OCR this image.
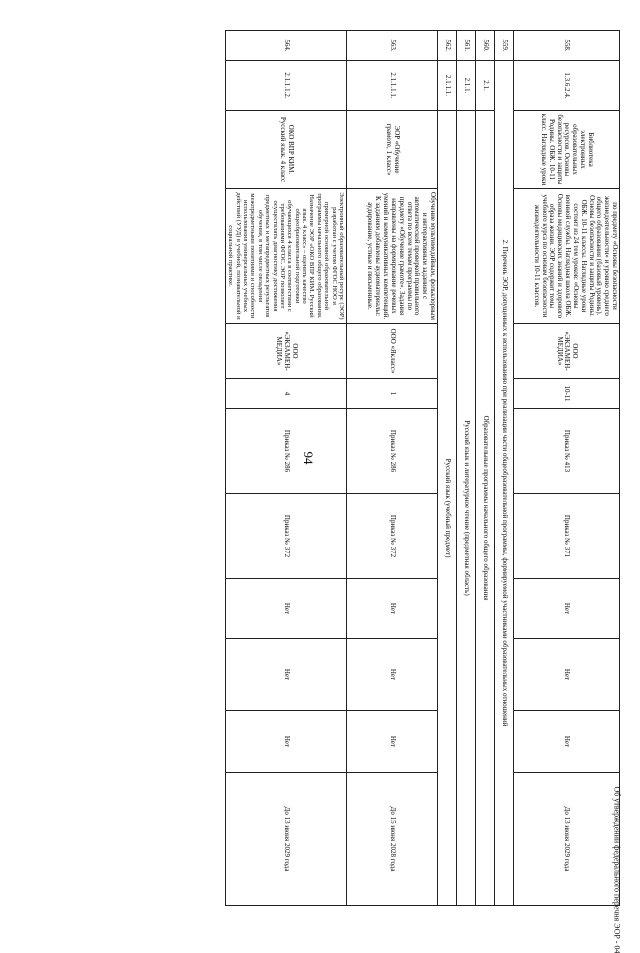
94
558.	1.3.6.2.4.	Библиотека электронных образовательных ресурсов. Основы безопасности и защиты Родины. ОБЖ. 10-11 класс. Наглядные уроки	по предмету «Основы безопасности жизнедеятельности» и уровню среднего общего образования (базовый уровень). Основы безопасности и защиты Родины. ОБЖ. 10-11 классы. Наглядные уроки состоит из 24 тем уроков: «Основы военной службы. Наглядная школа ОБЖ. Основы медицинских знаний и здорового образа жизни. ЭОР содержит темы учебного курса по основам безопасности жизнедеятельности 10-11 классов.	ООО «ЭКЗАМЕН-МЕДИА»	10-11	Приказ № 413	Приказ № 371	Нет	Нет	Нет	До 13 июня 2029 года
559.	2. Перечень ЭОР, допущенных к использованию при реализации части общеобразовательной программы, формируемой участниками образовательных отношений										
560.	2.1.	Образовательные программы начального общего образования									
561.	2.1.1.	Русский язык и литературное чтение (предметная область)									
562.	2.1.1.1.	Русский язык (учебный предмет)									
563.	2.1.1.1.1.	ЭОР «Обучение грамоте, 1 класс»	Обучение мультимедийным, фольклорным и интерактивным заданиям с автоматической проверкой правильного ответа по всем темам программы по предмету «Обучение грамоте». Задания направлены на формирование речевых умений и коммуникативных компетенций. К заданиям добавлены аудиоматериалы: аудирование, устные и письменные.	ООО «Якласс»	1	Приказ № 286	Приказ № 372	Нет	Нет	Нет	До 15 июня 2028 года
564.	2.1.1.1.2.	ОКО ВПР КИМ. Русский язык. 4 класс	Электронный образовательный ресурс (ЭОР) разработан с учетом ФГОС НОО и примерной основной образовательной программы начального общего образования. Назначение ЭОР «ОКО ВПР КИМ. Русский язык. 4 класс» – оценить качество общеобразовательной подготовки обучающихся 4 класса в соответствии с требованиями ФГОС. ЭОР позволяет осуществлять диагностику достижения предметных и метапредметных результатов обучения, в том числе овладения межпредметными понятиями и способности использования универсальных учебных действий (УУД) в учебной, познавательной и социальной практике.	ООО «ЭКЗАМЕН-МЕДИА»	4	Приказ № 286	Приказ № 372	Нет	Нет	Нет	До 13 июня 2029 года	Об утверждении федерального перечня ЭОР - 04
